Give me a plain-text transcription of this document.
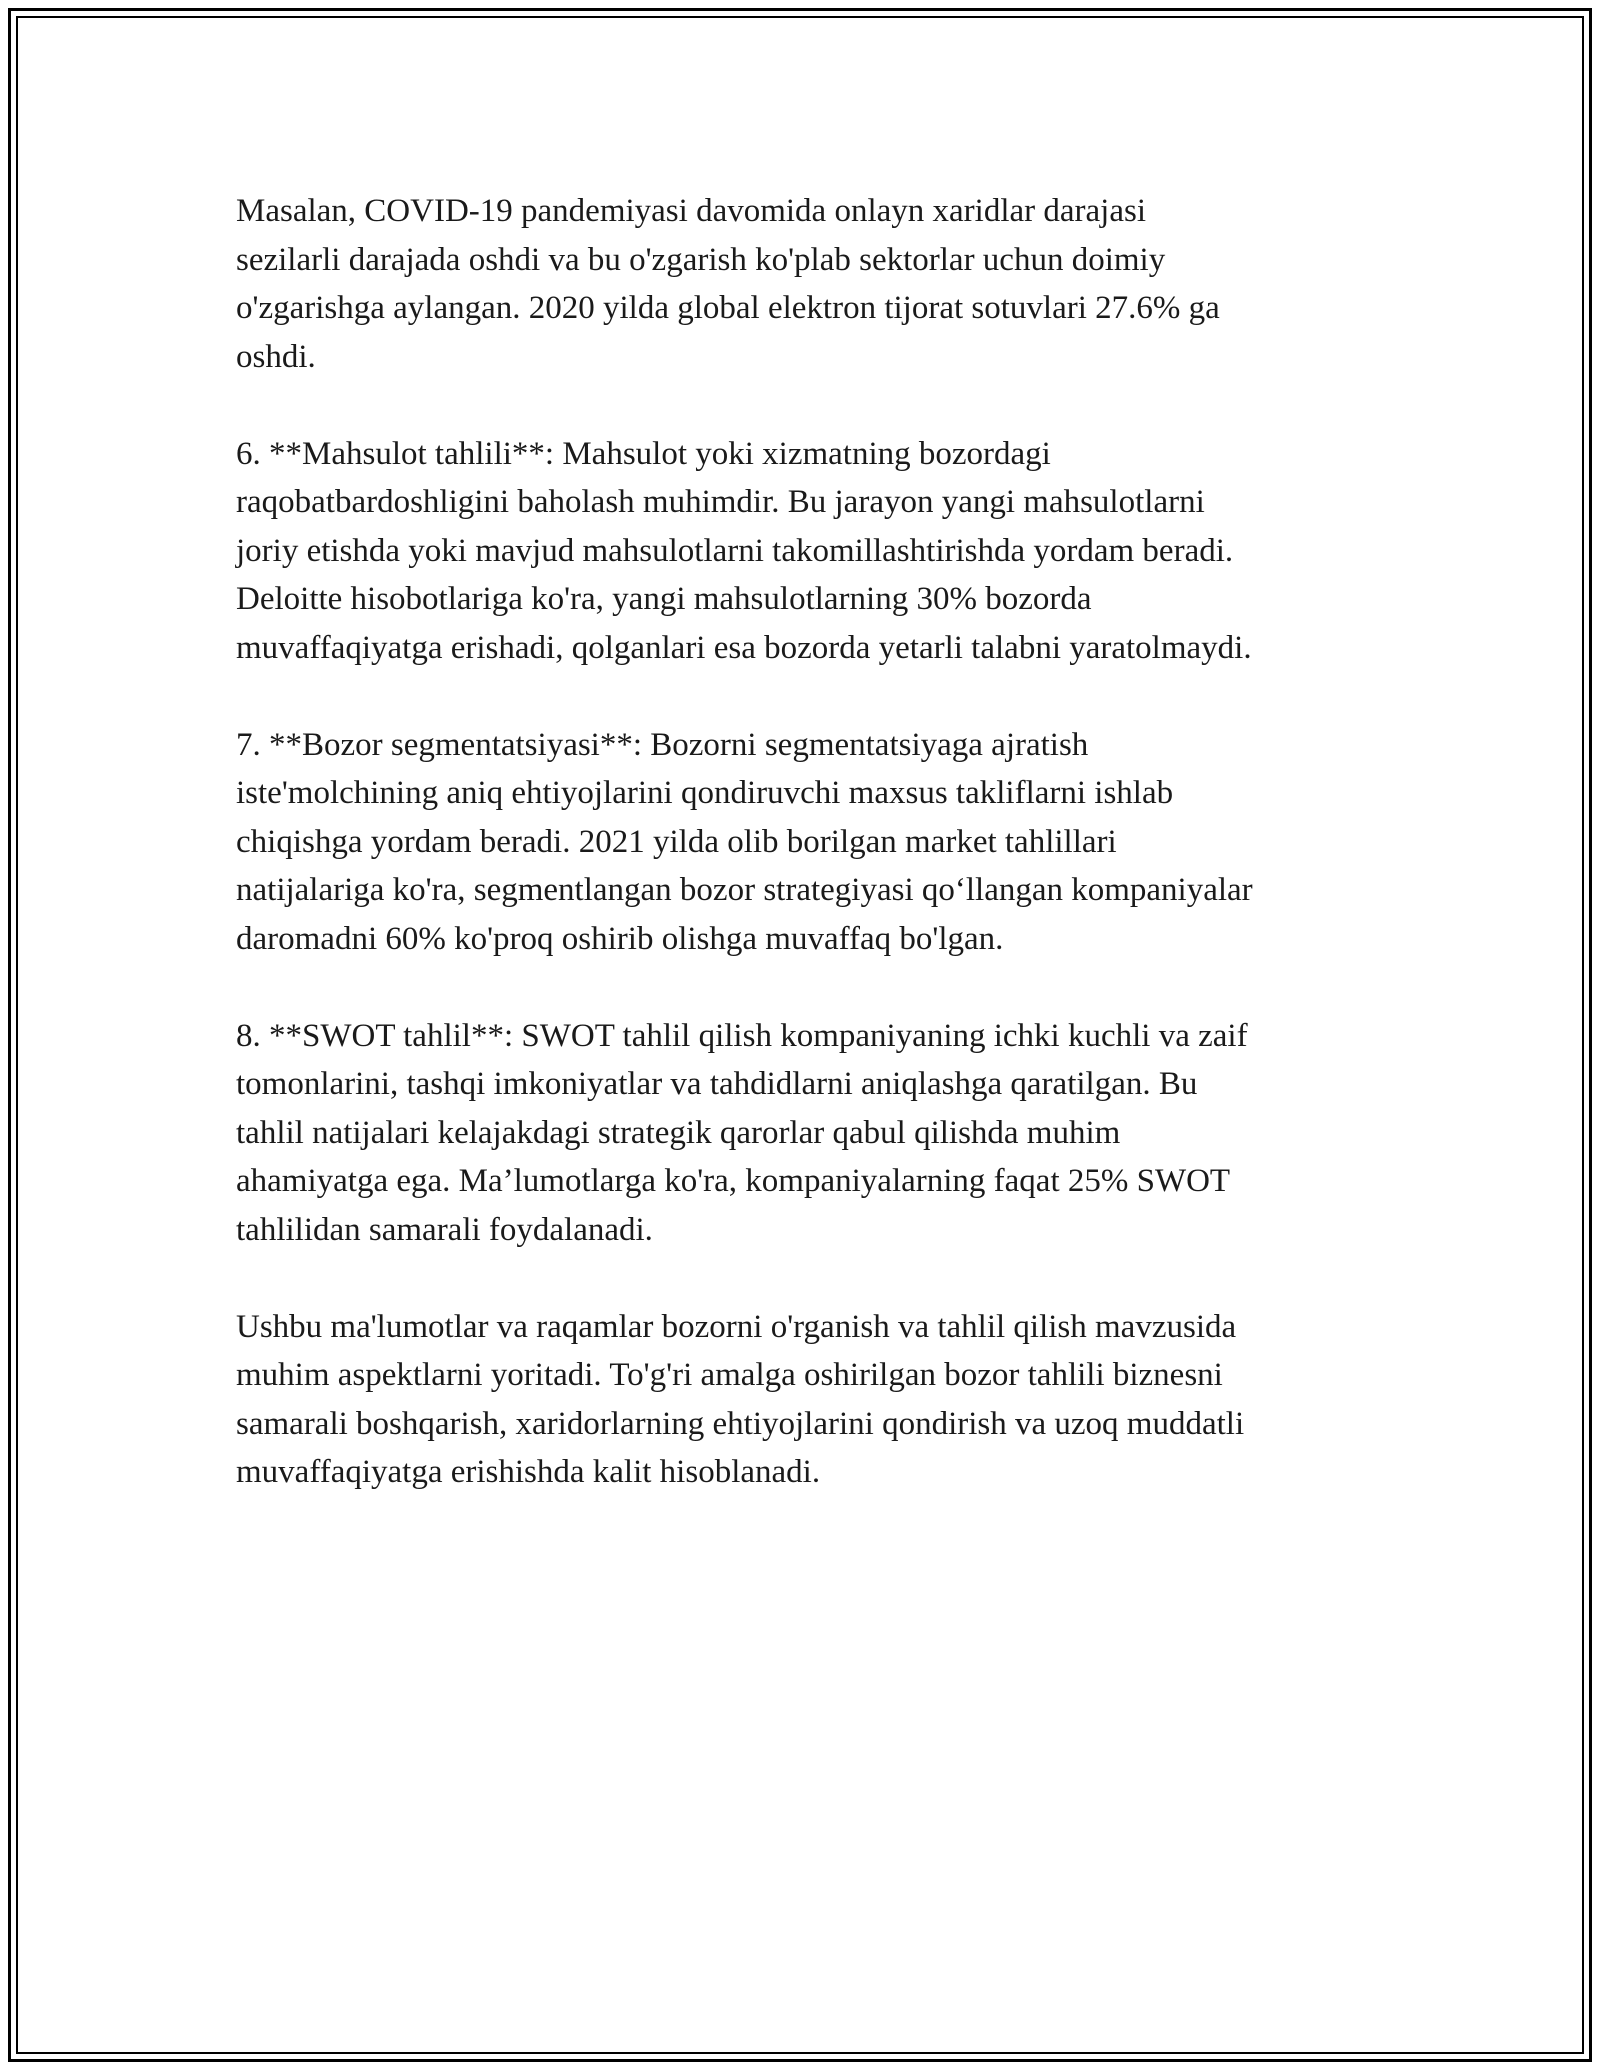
Masalan, COVID-19 pandemiyasi davomida onlayn xaridlar darajasi
sezilarli darajada oshdi va bu o'zgarish ko'plab sektorlar uchun doimiy
o'zgarishga aylangan. 2020 yilda global elektron tijorat sotuvlari 27.6% ga
oshdi.

6. **Mahsulot tahlili**: Mahsulot yoki xizmatning bozordagi
raqobatbardoshligini baholash muhimdir. Bu jarayon yangi mahsulotlarni
joriy etishda yoki mavjud mahsulotlarni takomillashtirishda yordam beradi.
Deloitte hisobotlariga ko'ra, yangi mahsulotlarning 30% bozorda
muvaffaqiyatga erishadi, qolganlari esa bozorda yetarli talabni yaratolmaydi.

7. **Bozor segmentatsiyasi**: Bozorni segmentatsiyaga ajratish
iste'molchining aniq ehtiyojlarini qondiruvchi maxsus takliflarni ishlab
chiqishga yordam beradi. 2021 yilda olib borilgan market tahlillari
natijalariga ko'ra, segmentlangan bozor strategiyasi qo‘llangan kompaniyalar
daromadni 60% ko'proq oshirib olishga muvaffaq bo'lgan.

8. **SWOT tahlil**: SWOT tahlil qilish kompaniyaning ichki kuchli va zaif
tomonlarini, tashqi imkoniyatlar va tahdidlarni aniqlashga qaratilgan. Bu
tahlil natijalari kelajakdagi strategik qarorlar qabul qilishda muhim
ahamiyatga ega. Ma’lumotlarga ko'ra, kompaniyalarning faqat 25% SWOT
tahlilidan samarali foydalanadi.

Ushbu ma'lumotlar va raqamlar bozorni o'rganish va tahlil qilish mavzusida
muhim aspektlarni yoritadi. To'g'ri amalga oshirilgan bozor tahlili biznesni
samarali boshqarish, xaridorlarning ehtiyojlarini qondirish va uzoq muddatli
muvaffaqiyatga erishishda kalit hisoblanadi.
